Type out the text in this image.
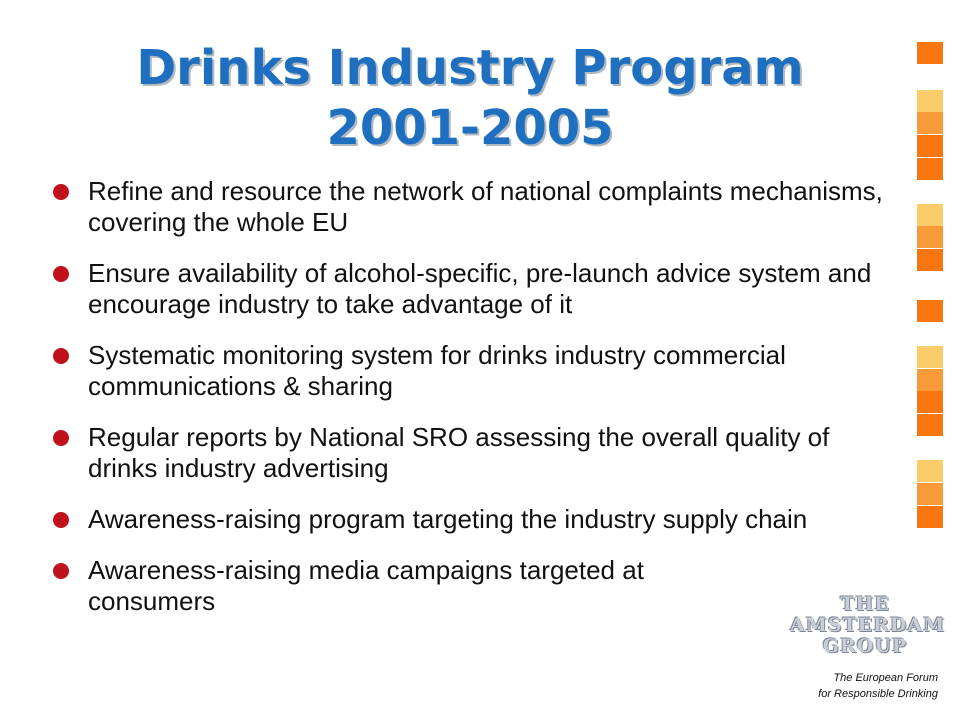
Drinks Industry Program
2001-2005
Refine and resource the network of national complaints mechanisms, covering the whole EU
Ensure availability of alcohol-specific, pre-launch advice system and encourage industry to take advantage of it
Systematic monitoring system for drinks industry commercial communications & sharing
Regular reports by National SRO assessing the overall quality of drinks industry advertising
Awareness-raising program targeting the industry supply chain
Awareness-raising media campaigns targeted at consumers	THE
AMSTERDAM
GROUP
The European Forum
for Responsible Drinking
